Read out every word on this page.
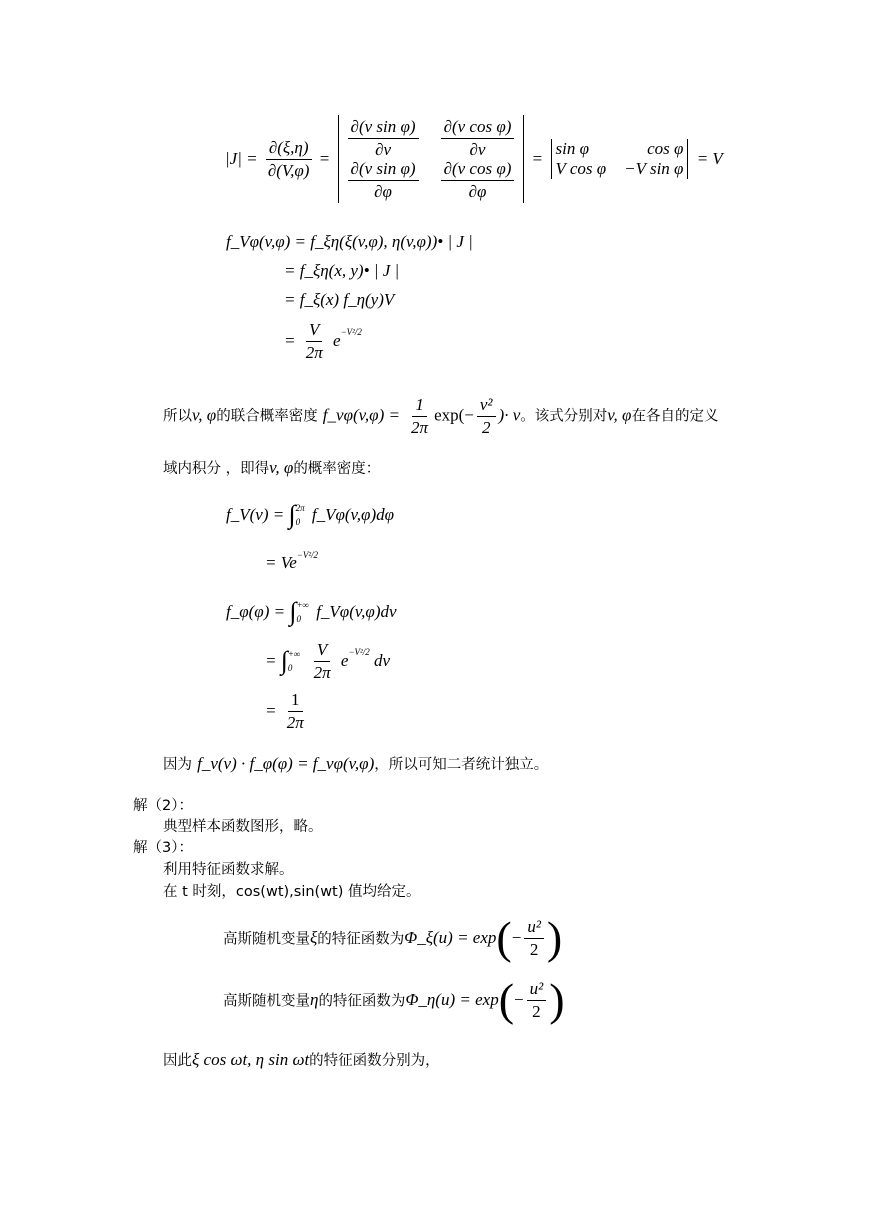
$|J| = \frac{\partial(\xi,\eta)}{\partial(V,\varphi)} = \frac{\text{∂(v sin φ)}}{\partial v} \frac{\text{∂(v cos φ)}}{\partial v}$
$\frac{\text{∂(v sin φ)}}{\partial\varphi} \frac{\text{∂(v cos φ)}}{\partial\varphi}$
=
sin φ	cos φ
V cos φ −V sin φ
= V
f_Vφ(v,φ) = f_ξη(ξ(v,φ), η(v,φ))• | J |
= f_ξη(x, y)• | J |
= f_ξ(x) f_η(y)V
= $\frac{V}{2\pi} e^{-V^2/2}$
所以v, φ的联合概率密度 f_vφ(v,φ) = $\frac{1}{2\pi} \exp(- \frac{\text{v²}}{2}$ )· v。该式分别对v, φ在各自的定义
域内积分 ，即得v, φ的概率密度：
f_V(v) = ∫ 2π
0 f_Vφ(v,φ)dφ
= $Ve^{-V^2/2}$
f_φ(φ) = ∫ +∞
0 f_Vφ(v,φ)dv
= ∫ +∞
0
	$\frac{V}{2\pi} e^{-V^2/2}$ dv
= $\frac{1}{2\pi}$
因为 f_v(v) · f_φ(φ) = f_vφ(v,φ)，所以可知二者统计独立。
解（2）：
典型样本函数图形，略。
解（3）：
利用特征函数求解。
在 t 时刻，cos(wt),sin(wt) 值均给定。
高斯随机变量ξ的特征函数为Φ_ξ(u) = $\exp(- \frac{\text{u²}}{2}$ )
高斯随机变量η的特征函数为Φ_η(u) = $\exp(- \frac{\text{u²}}{2}$ )
因此ξ cos ωt, η sin ωt的特征函数分别为，
